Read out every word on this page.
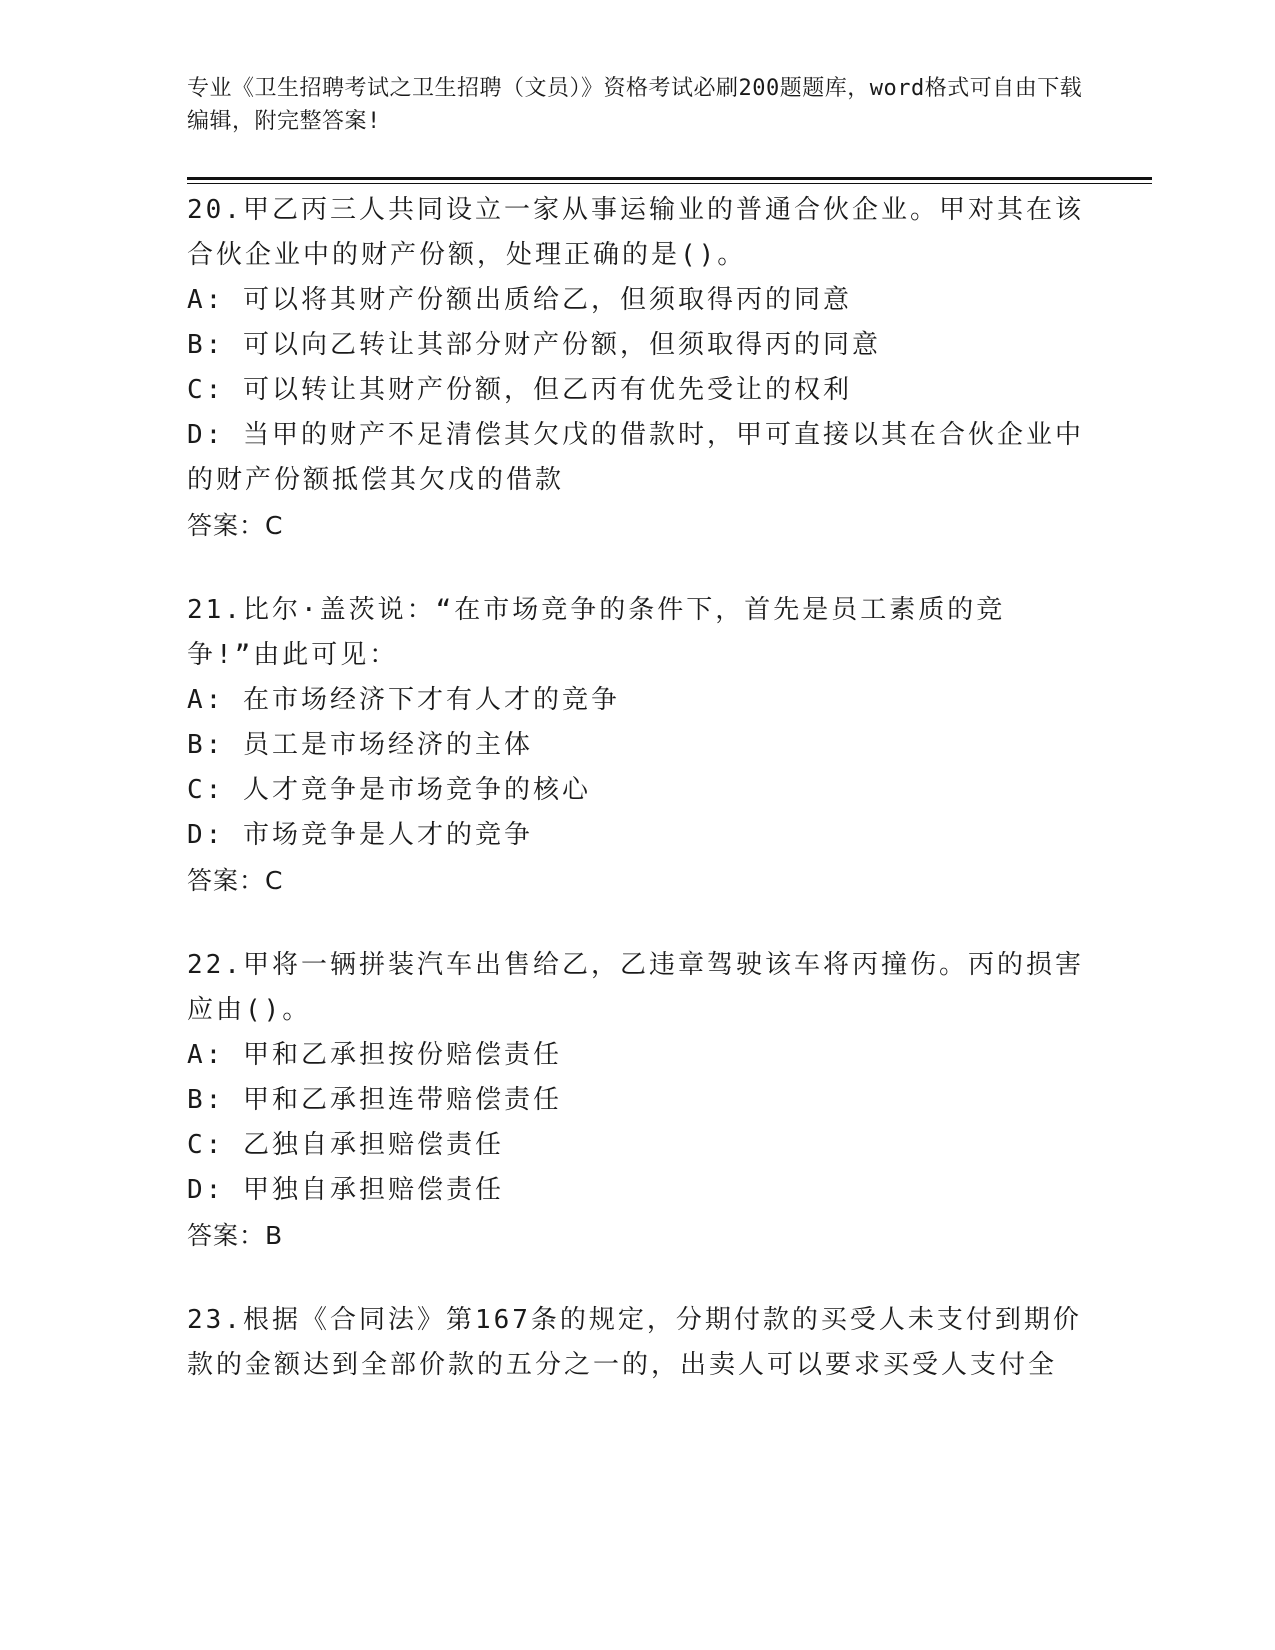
专业《卫生招聘考试之卫生招聘（文员）》资格考试必刷200题题库，word格式可自由下载编辑，附完整答案!
20.甲乙丙三人共同设立一家从事运输业的普通合伙企业。甲对其在该合伙企业中的财产份额，处理正确的是()。
A:
可以将其财产份额出质给乙，但须取得丙的同意
B:
可以向乙转让其部分财产份额，但须取得丙的同意
C:
可以转让其财产份额，但乙丙有优先受让的权利
D: 当甲的财产不足清偿其欠戊的借款时，甲可直接以其在合伙企业中的财产份额抵偿其欠戊的借款
答案：C
21.比尔·盖茨说：“在市场竞争的条件下，首先是员工素质的竞争!”由此可见：
A:
在市场经济下才有人才的竞争
B:
员工是市场经济的主体
C:
人才竞争是市场竞争的核心
D:
市场竞争是人才的竞争
答案：C
22.甲将一辆拼装汽车出售给乙，乙违章驾驶该车将丙撞伤。丙的损害应由()。
A:
甲和乙承担按份赔偿责任
B:
甲和乙承担连带赔偿责任
C:
乙独自承担赔偿责任
D:
甲独自承担赔偿责任
答案：B
23.根据《合同法》第167条的规定，分期付款的买受人未支付到期价款的金额达到全部价款的五分之一的，出卖人可以要求买受人支付全
